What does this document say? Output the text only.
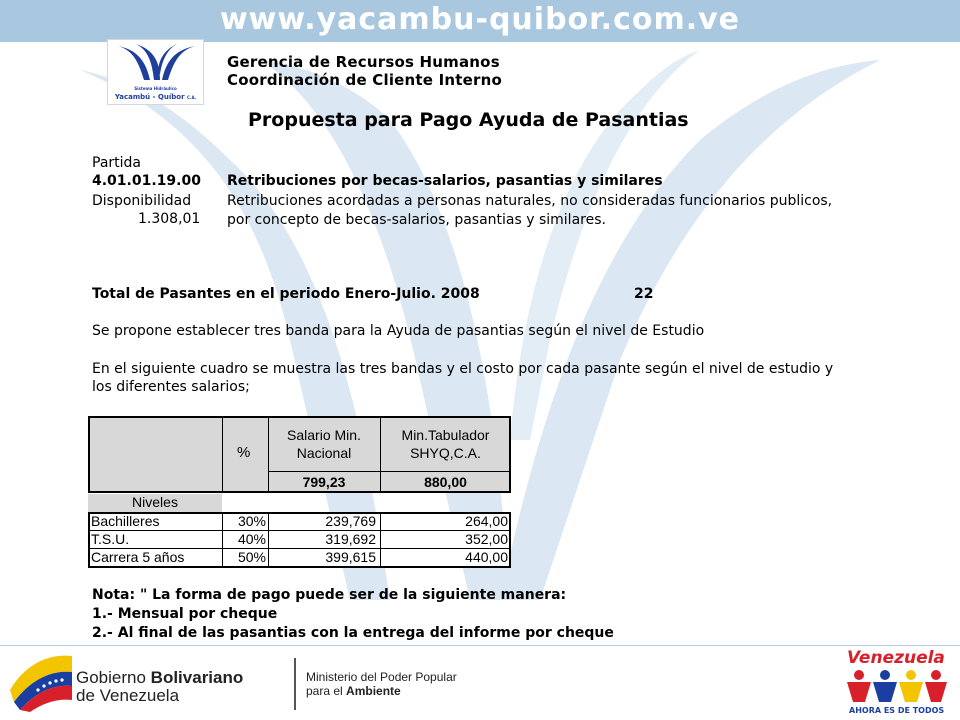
www.yacambu-quibor.com.ve
Sistema Hidráulico
Yacambú - Quíbor C.A.
Gerencia de Recursos Humanos
Coordinación de Cliente Interno
Propuesta para Pago Ayuda de Pasantias
Partida
4.01.01.19.00 Retribuciones por becas-salarios, pasantias y similares
Disponibilidad	Retribuciones acordadas a personas naturales, no consideradas funcionarios publicos,
1.308,01 por concepto de becas-salarios, pasantias y similares.
Total de Pasantes en el periodo Enero-Julio. 2008	22
Se propone establecer tres banda para la Ayuda de pasantias según el nivel de Estudio
En el siguiente cuadro se muestra las tres bandas y el costo por cada pasante según el nivel de estudio y
los diferentes salarios;
%
Salario Min.
Nacional
Min.Tabulador
SHYQ,C.A.
799,23	880,00
Niveles
Bachilleres	30%	239,769	264,00
T.S.U.	40%	319,692	352,00
Carrera 5 años	50%	399,615	440,00
Nota: " La forma de pago puede ser de la siguiente manera:
1.- Mensual por cheque
2.- Al final de las pasantias con la entrega del informe por cheque
Gobierno Bolivariano
de Venezuela
Ministerio del Poder Popular
para el Ambiente
Venezuela
AHORA ES DE TODOS
